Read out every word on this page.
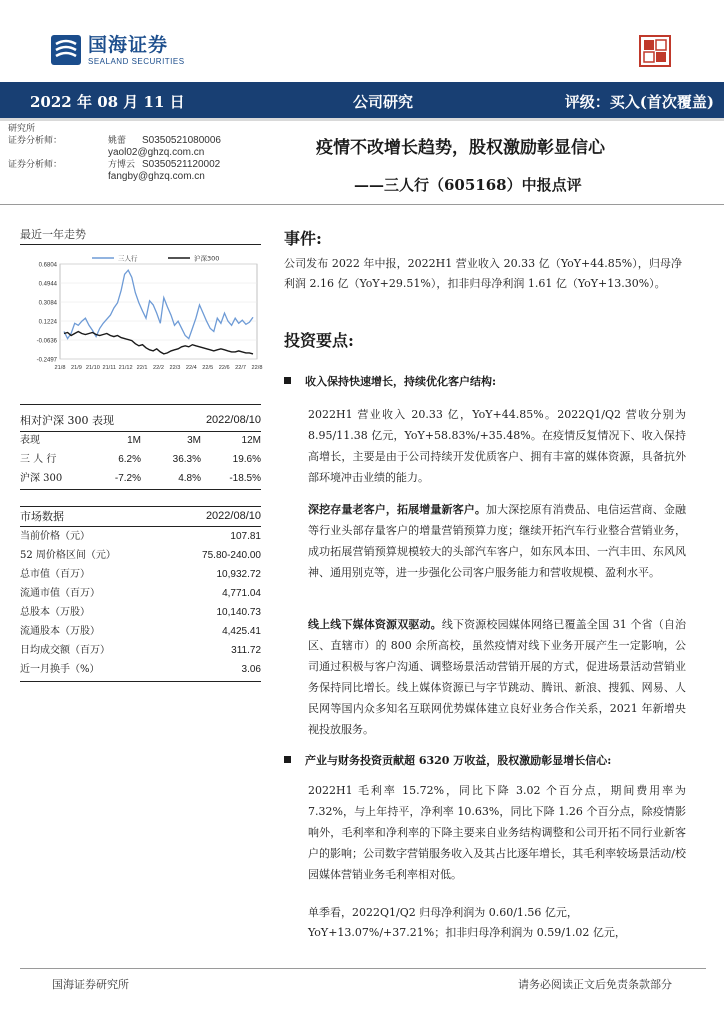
国海证券
SEALAND SECURITIES
2022 年 08 月 11 日	公司研究	评级：买入(首次覆盖)
研究所
证券分析师：	姚蕾 S0350521080006
yaol02@ghzq.com.cn
证券分析师：	方博云 S0350521120002
fangby@ghzq.com.cn
疫情不改增长趋势，股权激励彰显信心
——三人行（605168）中报点评
最近一年走势
0.6804
0.4944
0.3084
0.1224
-0.0636
-0.2497
21/8 21/9 21/10 21/11 21/12 22/1 22/2 22/3 22/4 22/5 22/6 22/7 22/8
三人行	沪深300
相对沪深 300 表现	2022/08/10
表现	1M	3M	12M
三 人 行	6.2%	36.3%	19.6%
沪深 300	-7.2%	4.8%	-18.5%
市场数据	2022/08/10
当前价格（元）	107.81
52 周价格区间（元）	75.80-240.00
总市值（百万）	10,932.72
流通市值（百万）	4,771.04
总股本（万股）	10,140.73
流通股本（万股）	4,425.41
日均成交额（百万）	311.72
近一月换手（%）	3.06
事件:
公司发布 2022 年中报，2022H1 营业收入 20.33 亿（YoY+44.85%），归母净利润 2.16 亿（YoY+29.51%），扣非归母净利润 1.61 亿（YoY+13.30%）。
投资要点:
收入保持快速增长，持续优化客户结构:
2022H1 营业收入 20.33 亿，YoY+44.85%。2022Q1/Q2 营收分别为 8.95/11.38 亿元，YoY+58.83%/+35.48%。在疫情反复情况下、收入保持高增长，主要是由于公司持续开发优质客户、拥有丰富的媒体资源，具备抗外部环境冲击业绩的能力。
深挖存量老客户，拓展增量新客户。加大深挖原有消费品、电信运营商、金融等行业头部存量客户的增量营销预算力度；继续开拓汽车行业整合营销业务，成功拓展营销预算规模较大的头部汽车客户，如东风本田、一汽丰田、东风风神、通用别克等，进一步强化公司客户服务能力和营收规模、盈利水平。
线上线下媒体资源双驱动。线下资源校园媒体网络已覆盖全国 31 个省（自治区、直辖市）的 800 余所高校，虽然疫情对线下业务开展产生一定影响，公司通过积极与客户沟通、调整场景活动营销开展的方式，促进场景活动营销业务保持同比增长。线上媒体资源已与字节跳动、腾讯、新浪、搜狐、网易、人民网等国内众多知名互联网优势媒体建立良好业务合作关系，2021 年新增央视投放服务。
产业与财务投资贡献超 6320 万收益，股权激励彰显增长信心:
2022H1 毛利率 15.72%，同比下降 3.02 个百分点，期间费用率为 7.32%，与上年持平，净利率 10.63%，同比下降 1.26 个百分点，除疫情影响外，毛利率和净利率的下降主要来自业务结构调整和公司开拓不同行业新客户的影响；公司数字营销服务收入及其占比逐年增长，其毛利率较场景活动/校园媒体营销业务毛利率相对低。
单季看，2022Q1/Q2 归母净利润为 0.60/1.56 亿元，
YoY+13.07%/+37.21%；扣非归母净利润为 0.59/1.02 亿元，
国海证券研究所	请务必阅读正文后免责条款部分
